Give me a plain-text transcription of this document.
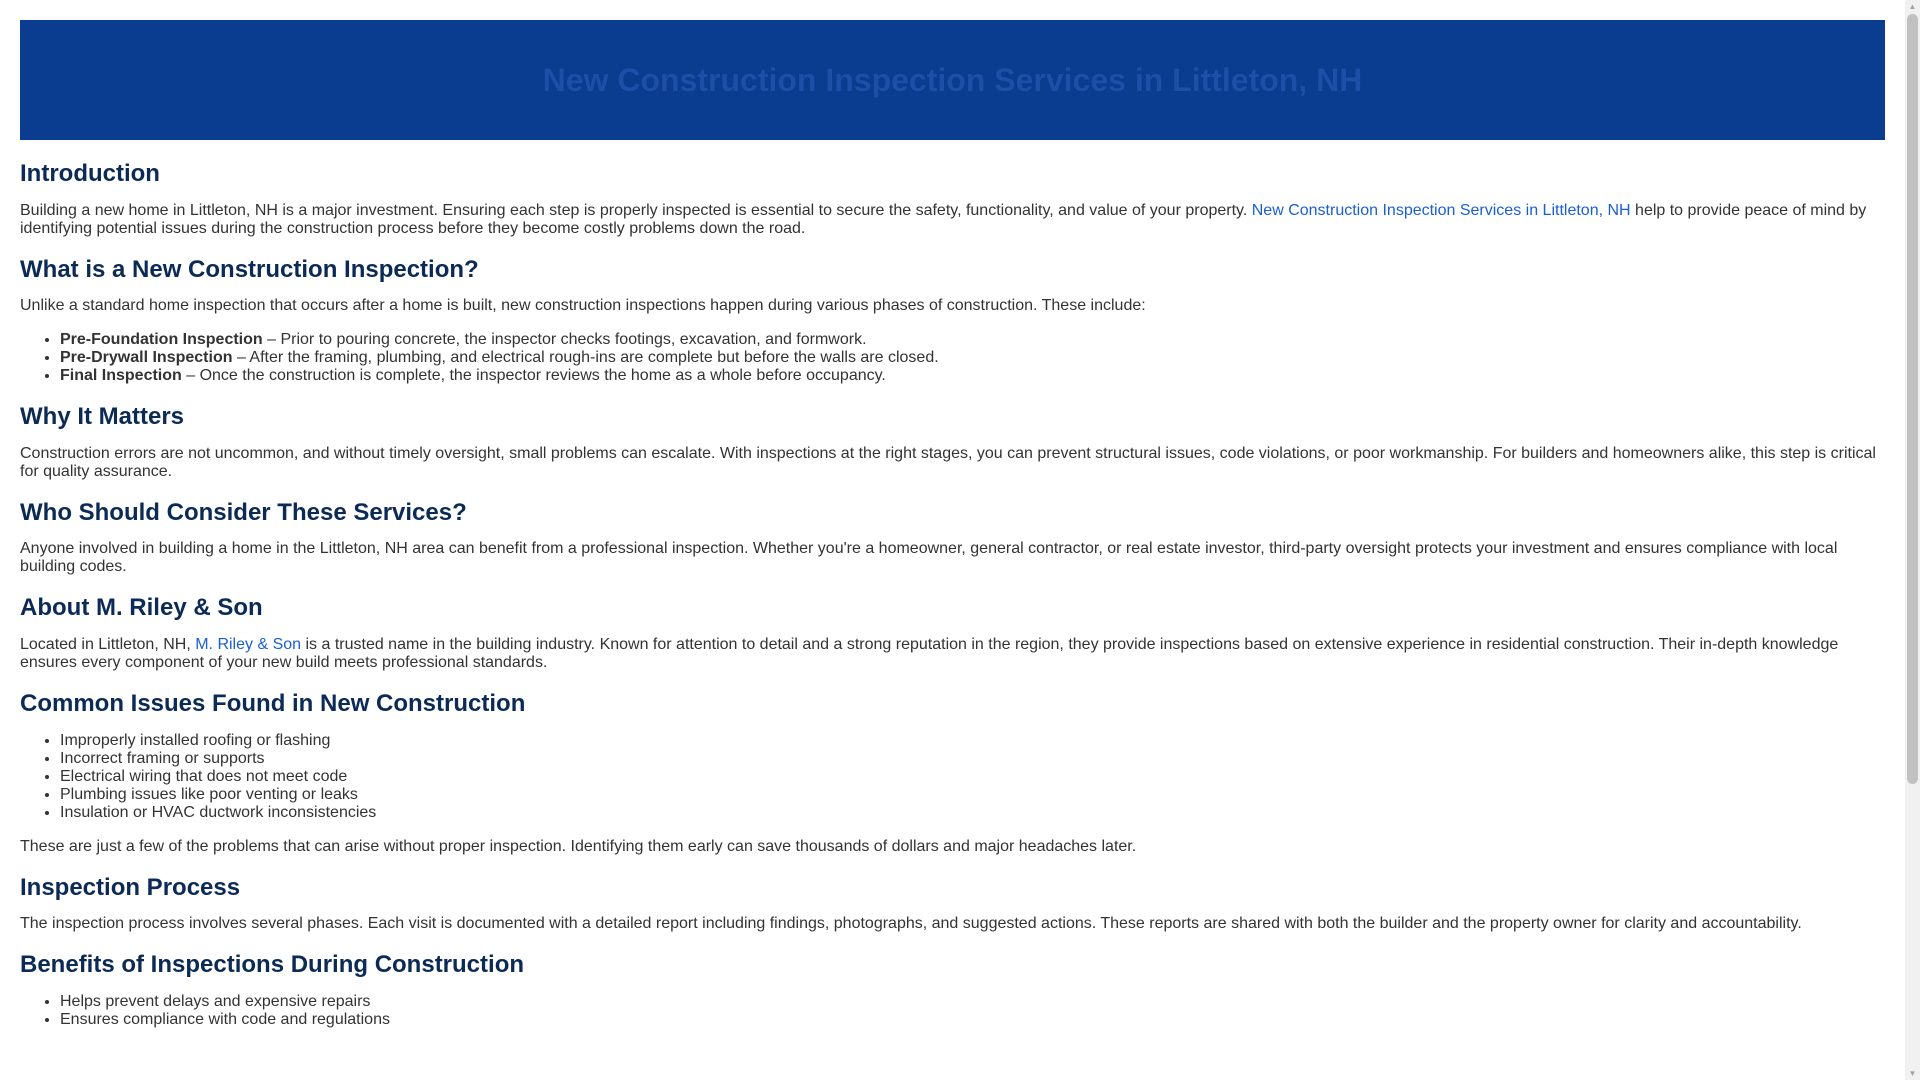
New Construction Inspection Services in Littleton, NH
Introduction

Building a new home in Littleton, NH is a major investment. Ensuring each step is properly inspected is essential to secure the safety, functionality, and value of your property. New Construction Inspection Services in Littleton, NH help to provide peace of mind by identifying potential issues during the construction process before they become costly problems down the road.

What is a New Construction Inspection?

Unlike a standard home inspection that occurs after a home is built, new construction inspections happen during various phases of construction. These include:

• Pre-Foundation Inspection – Prior to pouring concrete, the inspector checks footings, excavation, and formwork.
• Pre-Drywall Inspection – After the framing, plumbing, and electrical rough-ins are complete but before the walls are closed.
• Final Inspection – Once the construction is complete, the inspector reviews the home as a whole before occupancy.
Why It Matters

Construction errors are not uncommon, and without timely oversight, small problems can escalate. With inspections at the right stages, you can prevent structural issues, code violations, or poor workmanship. For builders and homeowners alike, this step is critical for quality assurance.

Who Should Consider These Services?

Anyone involved in building a home in the Littleton, NH area can benefit from a professional inspection. Whether you're a homeowner, general contractor, or real estate investor, third-party oversight protects your investment and ensures compliance with local building codes.

About M. Riley & Son

Located in Littleton, NH, M. Riley & Son is a trusted name in the building industry. Known for attention to detail and a strong reputation in the region, they provide inspections based on extensive experience in residential construction. Their in-depth knowledge ensures every component of your new build meets professional standards.

Common Issues Found in New Construction
• Improperly installed roofing or flashing
• Incorrect framing or supports
• Electrical wiring that does not meet code
• Plumbing issues like poor venting or leaks
• Insulation or HVAC ductwork inconsistencies

These are just a few of the problems that can arise without proper inspection. Identifying them early can save thousands of dollars and major headaches later.

Inspection Process

The inspection process involves several phases. Each visit is documented with a detailed report including findings, photographs, and suggested actions. These reports are shared with both the builder and the property owner for clarity and accountability.

Benefits of Inspections During Construction
• Helps prevent delays and expensive repairs
• Ensures compliance with code and regulations
▲
▼
